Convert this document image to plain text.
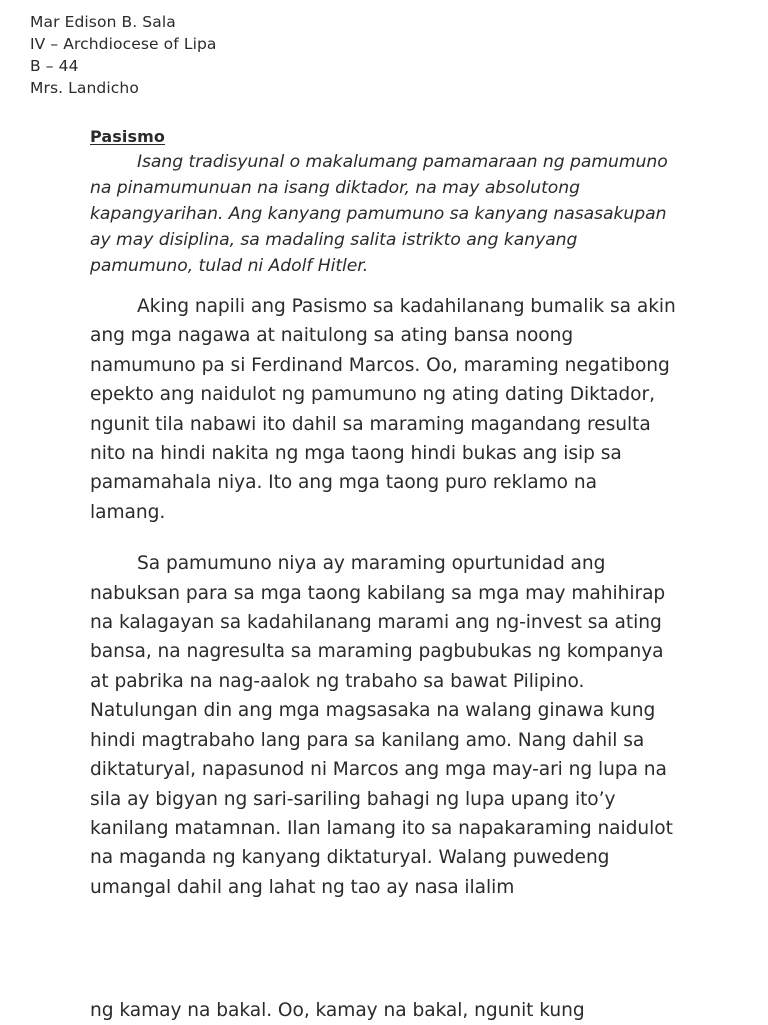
Mar Edison B. Sala
IV – Archdiocese of Lipa
B – 44
Mrs. Landicho
Pasismo

Isang tradisyunal o makalumang pamamaraan ng pamumuno na pinamumunuan na isang diktador, na may absolutong kapangyarihan. Ang kanyang pamumuno sa kanyang nasasakupan ay may disiplina, sa madaling salita istrikto ang kanyang pamumuno, tulad ni Adolf Hitler.

Aking napili ang Pasismo sa kadahilanang bumalik sa akin ang mga nagawa at naitulong sa ating bansa noong namumuno pa si Ferdinand Marcos. Oo, maraming negatibong epekto ang naidulot ng pamumuno ng ating dating Diktador, ngunit tila nabawi ito dahil sa maraming magandang resulta nito na hindi nakita ng mga taong hindi bukas ang isip sa pamamahala niya. Ito ang mga taong puro reklamo na lamang.

Sa pamumuno niya ay maraming opurtunidad ang nabuksan para sa mga taong kabilang sa mga may mahihirap na kalagayan sa kadahilanang marami ang ng-invest sa ating bansa, na nagresulta sa maraming pagbubukas ng kompanya at pabrika na nag-aalok ng trabaho sa bawat Pilipino. Natulungan din ang mga magsasaka na walang ginawa kung hindi magtrabaho lang para sa kanilang amo. Nang dahil sa diktaturyal, napasunod ni Marcos ang mga may-ari ng lupa na sila ay bigyan ng sari-sariling bahagi ng lupa upang ito’y kanilang matamnan. Ilan lamang ito sa napakaraming naidulot na maganda ng kanyang diktaturyal. Walang puwedeng umangal dahil ang lahat ng tao ay nasa ilalim

ng kamay na bakal. Oo, kamay na bakal, ngunit kung
